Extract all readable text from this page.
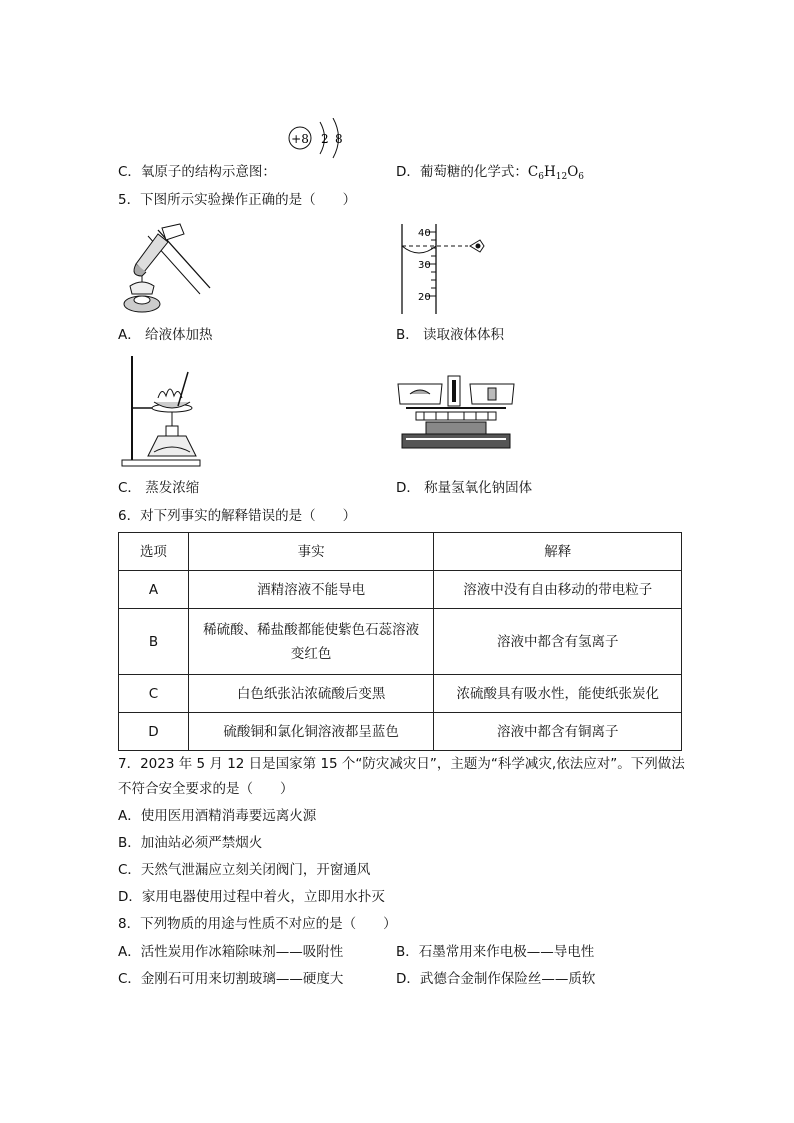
+8 2 8
C．氧原子的结构示意图：	D．葡萄糖的化学式：$C_6H_{12}O_6$
5．下图所示实验操作正确的是（　　）
40
30
20
A． 给液体加热	B． 读取液体体积
C． 蒸发浓缩	D． 称量氢氧化钠固体
6．对下列事实的解释错误的是（　　）
选项	事实	解释
A	酒精溶液不能导电	溶液中没有自由移动的带电粒子
B	稀硫酸、稀盐酸都能使紫色石蕊溶液变红色	溶液中都含有氢离子
C	白色纸张沾浓硫酸后变黑	浓硫酸具有吸水性，能使纸张炭化
D	硫酸铜和氯化铜溶液都呈蓝色	溶液中都含有铜离子
7．2023 年 5 月 12 日是国家第 15 个“防灾减灾日”，主题为“科学减灾,依法应对”。下列做法
不符合安全要求的是（　　）
A．使用医用酒精消毒要远离火源
B．加油站必须严禁烟火
C．天然气泄漏应立刻关闭阀门，开窗通风
D．家用电器使用过程中着火，立即用水扑灭
8．下列物质的用途与性质不对应的是（　　）
A．活性炭用作冰箱除味剂——吸附性	B．石墨常用来作电极——导电性
C．金刚石可用来切割玻璃——硬度大	D．武德合金制作保险丝——质软
